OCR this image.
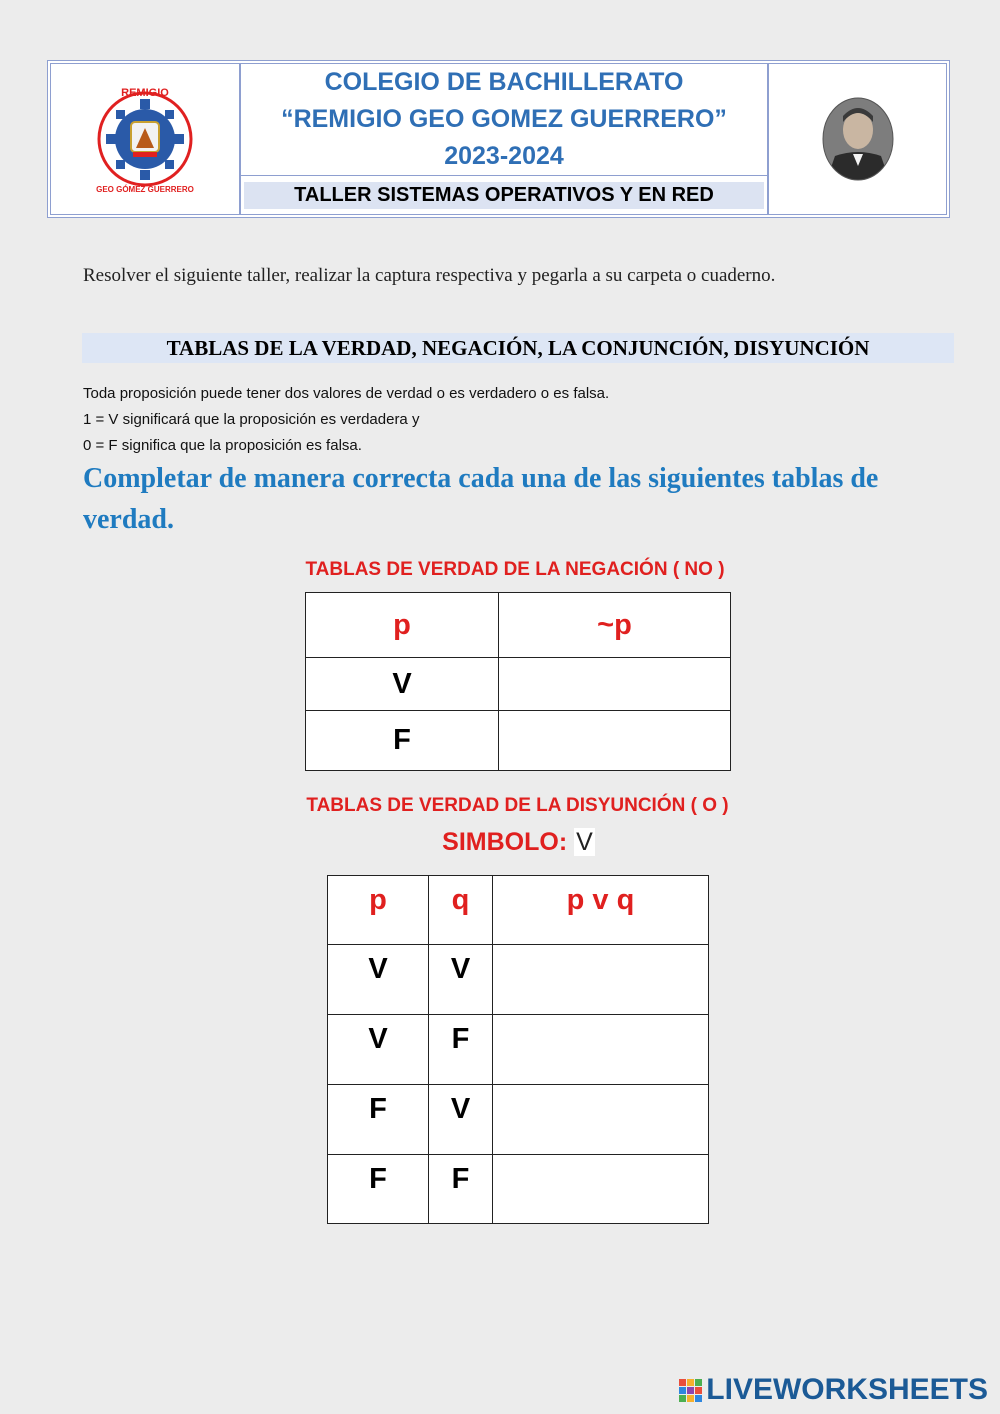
REMIGIO
GEO GÓMEZ GUERRERO
COLEGIO DE BACHILLERATO
“REMIGIO GEO GOMEZ GUERRERO”
2023-2024
TALLER SISTEMAS OPERATIVOS Y EN RED
Resolver el siguiente taller, realizar la captura respectiva y pegarla a su carpeta o cuaderno.
TABLAS DE LA VERDAD, NEGACIÓN, LA CONJUNCIÓN, DISYUNCIÓN
Toda proposición puede tener dos valores de verdad o es verdadero o es falsa.
1 = V significará que la proposición es verdadera y
0 = F significa que la proposición es falsa.
Completar de manera correcta cada una de las siguientes tablas de verdad.
TABLAS DE VERDAD DE LA NEGACIÓN ( NO )
p	~p
V	
F	
TABLAS DE VERDAD DE LA DISYUNCIÓN ( O )
SIMBOLO: V
p	q	p v q
V	V	
V	F	
F	V	
F	F	
LIVEWORKSHEETS
